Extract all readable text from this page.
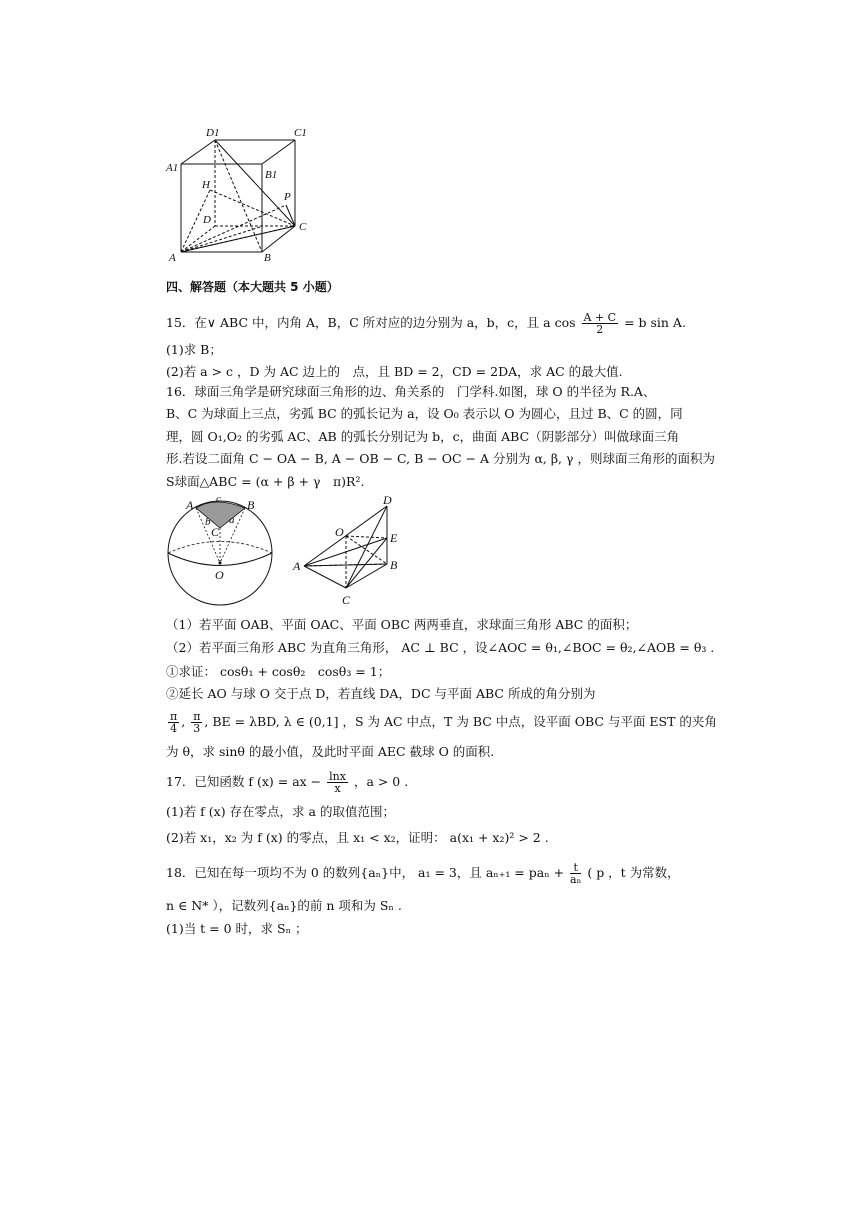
D1	C1
A1
B1
H
P
D
C
A	B
四、解答题（本大题共 5 小题）
15．在∨ ABC 中，内角 A，B，C 所对应的边分别为 a，b，c，且 a $\cos \frac{A + C}{2} = b$ sin A.
(1)求 B；
(2)若 a > c ，D 为 AC 边上的　点，且 BD = 2，CD = 2DA，求 AC 的最大值.
16．球面三角学是研究球面三角形的边、角关系的　门学科.如图，球 O 的半径为 R.A、
B、C 为球面上三点，劣弧 BC 的弧长记为 a，设 O₀ 表示以 O 为圆心，且过 B、C 的圆，同
理，圆 O₁,O₂ 的劣弧 AC、AB 的弧长分别记为 b，c，曲面 ABC（阴影部分）叫做球面三角
形.若设二面角 C − OA − B, A − OB − C, B − OC − A 分别为 α, β, γ ，则球面三角形的面积为
S球面△ABC = (α + β + γ　π)R².
A c B
b a
C
O
D
O	E
A	B
C
（1）若平面 OAB、平面 OAC、平面 OBC 两两垂直，求球面三角形 ABC 的面积；
（2）若平面三角形 ABC 为直角三角形， AC ⊥ BC ，设∠AOC = θ₁,∠BOC = θ₂,∠AOB = θ₃ .
①求证： cosθ₁ + cosθ₂　cosθ₃ = 1；
②延长 AO 与球 O 交于点 D，若直线 DA，DC 与平面 ABC 所成的角分别为
$\frac{\pi}{4}$ , $\frac{\pi}{3}$ , BE = λBD, λ ∈ (0,1] ，S 为 AC 中点，T 为 BC 中点，设平面 OBC 与平面 EST 的夹角
为 θ，求 sinθ 的最小值，及此时平面 AEC 截球 O 的面积.
17．已知函数 f (x) = ax − $\frac{\ln x}{x}$ ，a > 0 .
(1)若 f (x) 存在零点，求 a 的取值范围；
(2)若 x₁，x₂ 为 f (x) 的零点，且 x₁ < x₂，证明： a(x₁ + x₂)² > 2 .
18．已知在每一项均不为 0 的数列{aₙ}中， a₁ = 3，且 $a_{n+1} = pa_n + \frac{t}{\text{aₙ}}$ ( p ，t 为常数，
n ∈ N* ），记数列{aₙ}的前 n 项和为 Sₙ .
(1)当 t = 0 时，求 Sₙ ；
